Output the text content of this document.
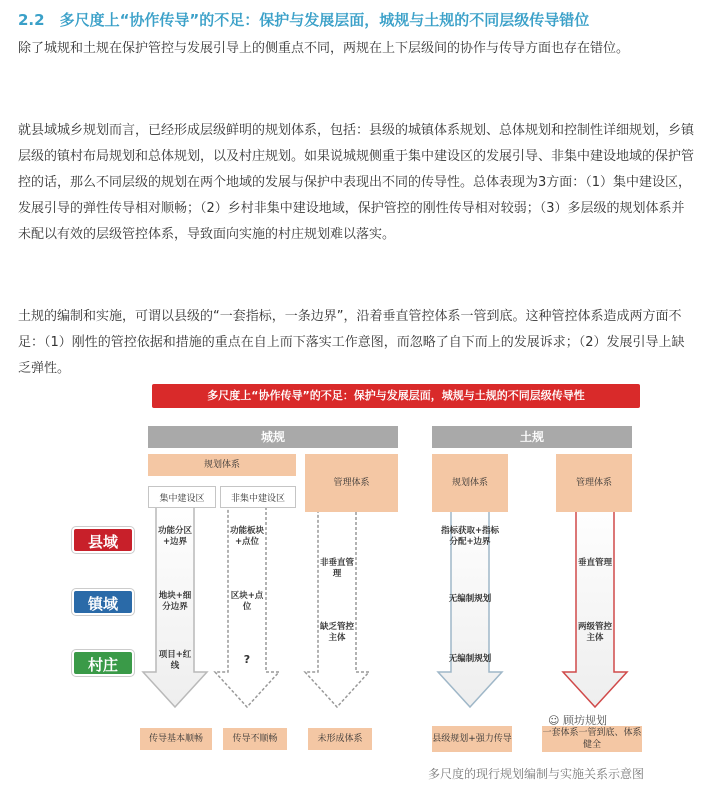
2.2　多尺度上“协作传导”的不足：保护与发展层面，城规与土规的不同层级传导错位
除了城规和土规在保护管控与发展引导上的侧重点不同，两规在上下层级间的协作与传导方面也存在错位。
就县域城乡规划而言，已经形成层级鲜明的规划体系，包括：县级的城镇体系规划、总体规划和控制性详细规划，乡镇层级的镇村布局规划和总体规划，以及村庄规划。如果说城规侧重于集中建设区的发展引导、非集中建设地域的保护管控的话，那么不同层级的规划在两个地域的发展与保护中表现出不同的传导性。总体表现为3方面：（1）集中建设区，发展引导的弹性传导相对顺畅；（2）乡村非集中建设地域，保护管控的刚性传导相对较弱；（3）多层级的规划体系并未配以有效的层级管控体系，导致面向实施的村庄规划难以落实。
土规的编制和实施，可谓以县级的“一套指标，一条边界”，沿着垂直管控体系一管到底。这种管控体系造成两方面不足：（1）刚性的管控依据和措施的重点在自上而下落实工作意图，而忽略了自下而上的发展诉求；（2）发展引导上缺乏弹性。
多尺度上“协作传导”的不足：保护与发展层面，城规与土规的不同层级传导性
城规	土规
规划体系
管理体系
集中建设区	非集中建设区
规划体系	管理体系
县域
镇域
村庄
功能分区+边界
地块+细分边界
项目+红线
功能板块+点位
区块+点位
?
非垂直管理
缺乏管控主体
指标获取+指标分配+边界
无编制规划
无编制规划
垂直管理
两级管控主体
传导基本顺畅	传导不顺畅	未形成体系	县级规划+强力传导
一套体系一管到底、体系健全
☺ 顾坊规划
多尺度的现行规划编制与实施关系示意图
